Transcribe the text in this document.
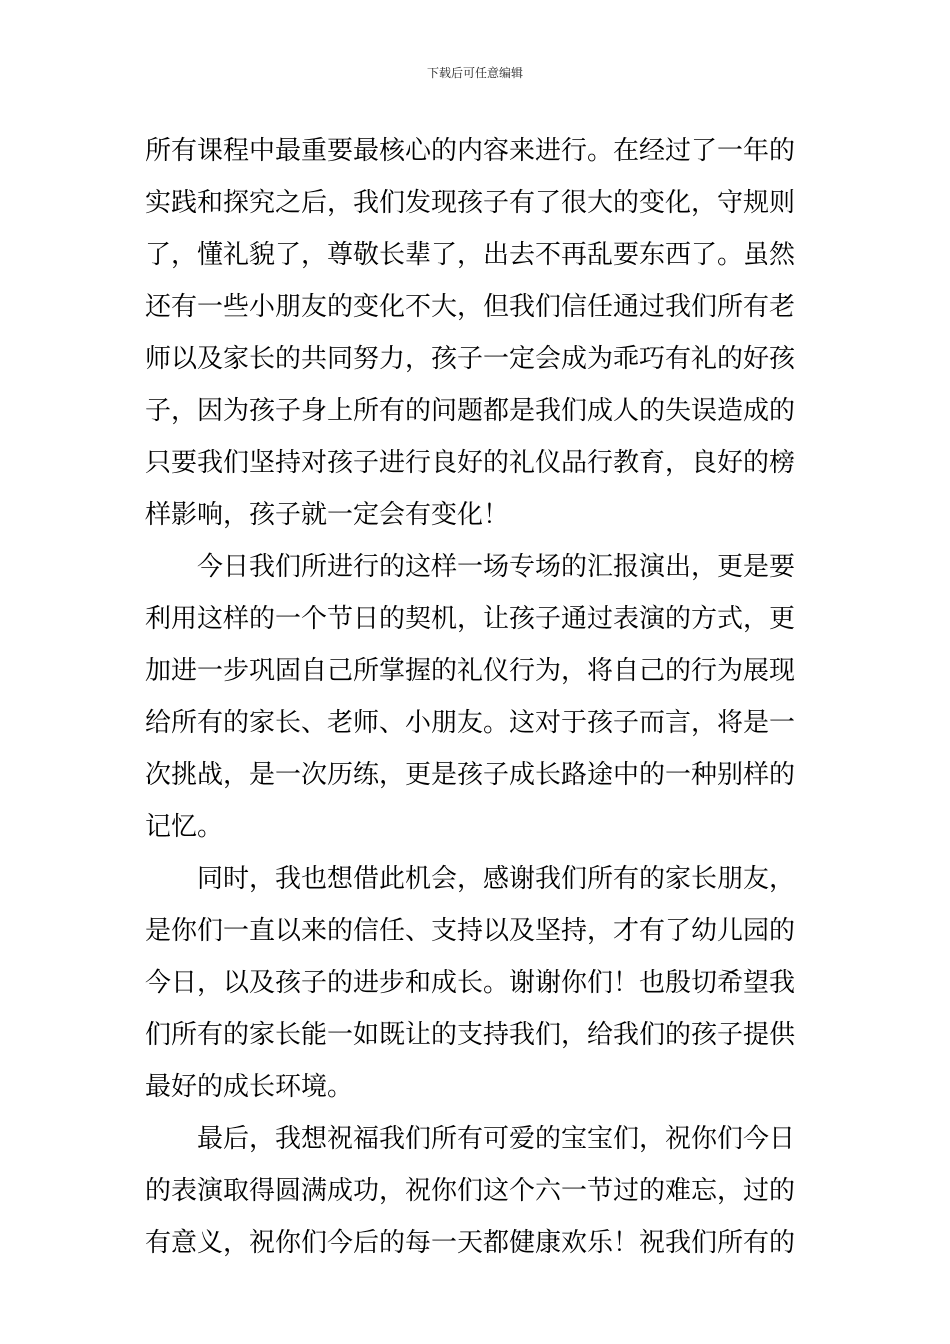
下载后可任意编辑
所有课程中最重要最核心的内容来进行。在经过了一年的
实践和探究之后，我们发现孩子有了很大的变化，守规则
了，懂礼貌了，尊敬长辈了，出去不再乱要东西了。虽然
还有一些小朋友的变化不大，但我们信任通过我们所有老
师以及家长的共同努力，孩子一定会成为乖巧有礼的好孩
子，因为孩子身上所有的问题都是我们成人的失误造成的
只要我们坚持对孩子进行良好的礼仪品行教育，良好的榜
样影响，孩子就一定会有变化！
今日我们所进行的这样一场专场的汇报演出，更是要
利用这样的一个节日的契机，让孩子通过表演的方式，更
加进一步巩固自己所掌握的礼仪行为，将自己的行为展现
给所有的家长、老师、小朋友。这对于孩子而言，将是一
次挑战，是一次历练，更是孩子成长路途中的一种别样的
记忆。
同时，我也想借此机会，感谢我们所有的家长朋友，
是你们一直以来的信任、支持以及坚持，才有了幼儿园的
今日，以及孩子的进步和成长。谢谢你们！也殷切希望我
们所有的家长能一如既让的支持我们，给我们的孩子提供
最好的成长环境。
最后，我想祝福我们所有可爱的宝宝们，祝你们今日
的表演取得圆满成功，祝你们这个六一节过的难忘，过的
有意义，祝你们今后的每一天都健康欢乐！祝我们所有的
